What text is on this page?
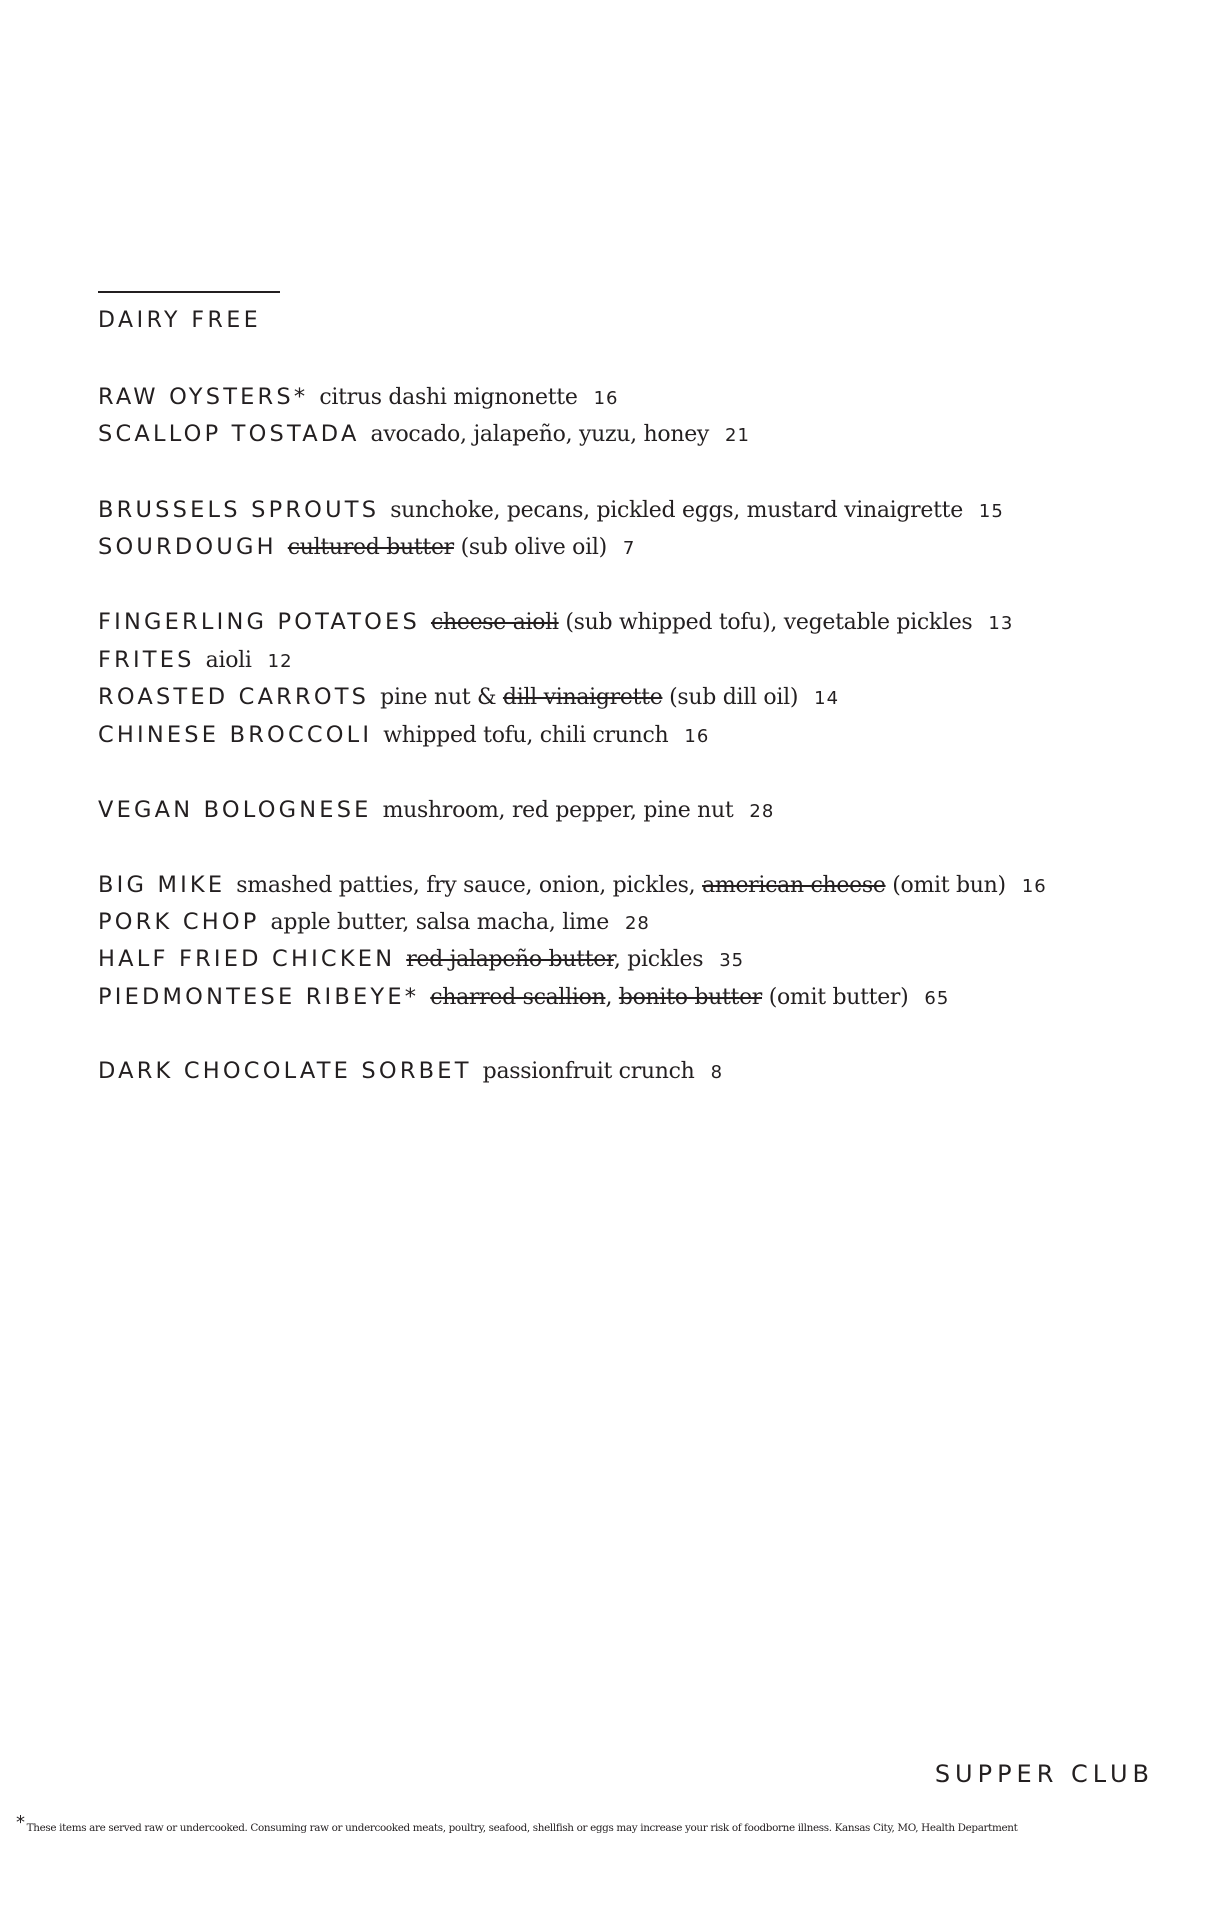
DAIRY FREE
RAW OYSTERS* citrus dashi mignonette 16
SCALLOP TOSTADA avocado, jalapeño, yuzu, honey 21
BRUSSELS SPROUTS sunchoke, pecans, pickled eggs, mustard vinaigrette 15
SOURDOUGH cultured butter (sub olive oil) 7
FINGERLING POTATOES cheese aioli (sub whipped tofu), vegetable pickles 13
FRITES aioli 12
ROASTED CARROTS pine nut & dill vinaigrette (sub dill oil) 14
CHINESE BROCCOLI whipped tofu, chili crunch 16
VEGAN BOLOGNESE mushroom, red pepper, pine nut 28
BIG MIKE smashed patties, fry sauce, onion, pickles, american cheese (omit bun) 16
PORK CHOP apple butter, salsa macha, lime 28
HALF FRIED CHICKEN red jalapeño butter, pickles 35
PIEDMONTESE RIBEYE* charred scallion, bonito butter (omit butter) 65
DARK CHOCOLATE SORBET passionfruit crunch 8
SUPPER CLUB
* These items are served raw or undercooked. Consuming raw or undercooked meats, poultry, seafood, shellfish or eggs may increase your risk of foodborne illness. Kansas City, MO, Health Department
